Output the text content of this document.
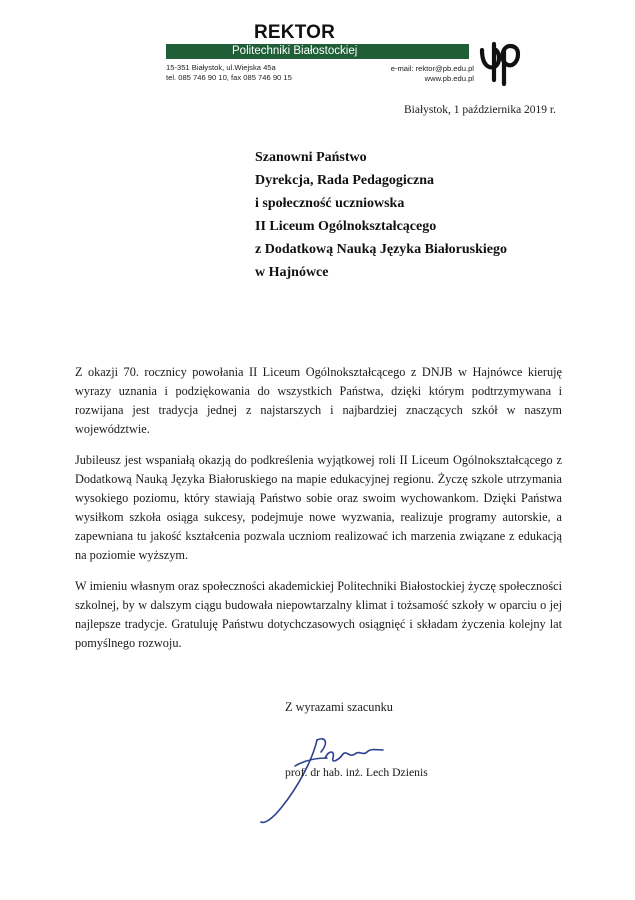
REKTOR
Politechniki Białostockiej
15-351 Białystok, ul.Wiejska 45a
tel. 085 746 90 10, fax 085 746 90 15
e-mail: rektor@pb.edu.pl
www.pb.edu.pl
Białystok, 1 października 2019 r.
Szanowni Państwo
Dyrekcja, Rada Pedagogiczna
i społeczność uczniowska
II Liceum Ogólnokształcącego
z Dodatkową Nauką Języka Białoruskiego
w Hajnówce

Z okazji 70. rocznicy powołania II Liceum Ogólnokształcącego z DNJB w Hajnówce kieruję wyrazy uznania i podziękowania do wszystkich Państwa, dzięki którym podtrzymywana i rozwijana jest tradycja jednej z najstarszych i najbardziej znaczących szkół w naszym województwie.

Jubileusz jest wspaniałą okazją do podkreślenia wyjątkowej roli II Liceum Ogólnokształcącego z Dodatkową Nauką Języka Białoruskiego na mapie edukacyjnej regionu. Życzę szkole utrzymania wysokiego poziomu, który stawiają Państwo sobie oraz swoim wychowankom. Dzięki Państwa wysiłkom szkoła osiąga sukcesy, podejmuje nowe wyzwania, realizuje programy autorskie, a zapewniana tu jakość kształcenia pozwala uczniom realizować ich marzenia związane z edukacją na poziomie wyższym.

W imieniu własnym oraz społeczności akademickiej Politechniki Białostockiej życzę społeczności szkolnej, by w dalszym ciągu budowała niepowtarzalny klimat i tożsamość szkoły w oparciu o jej najlepsze tradycje. Gratuluję Państwu dotychczasowych osiągnięć i składam życzenia kolejny lat pomyślnego rozwoju.

Z wyrazami szacunku
prof. dr hab. inż. Lech Dzienis
